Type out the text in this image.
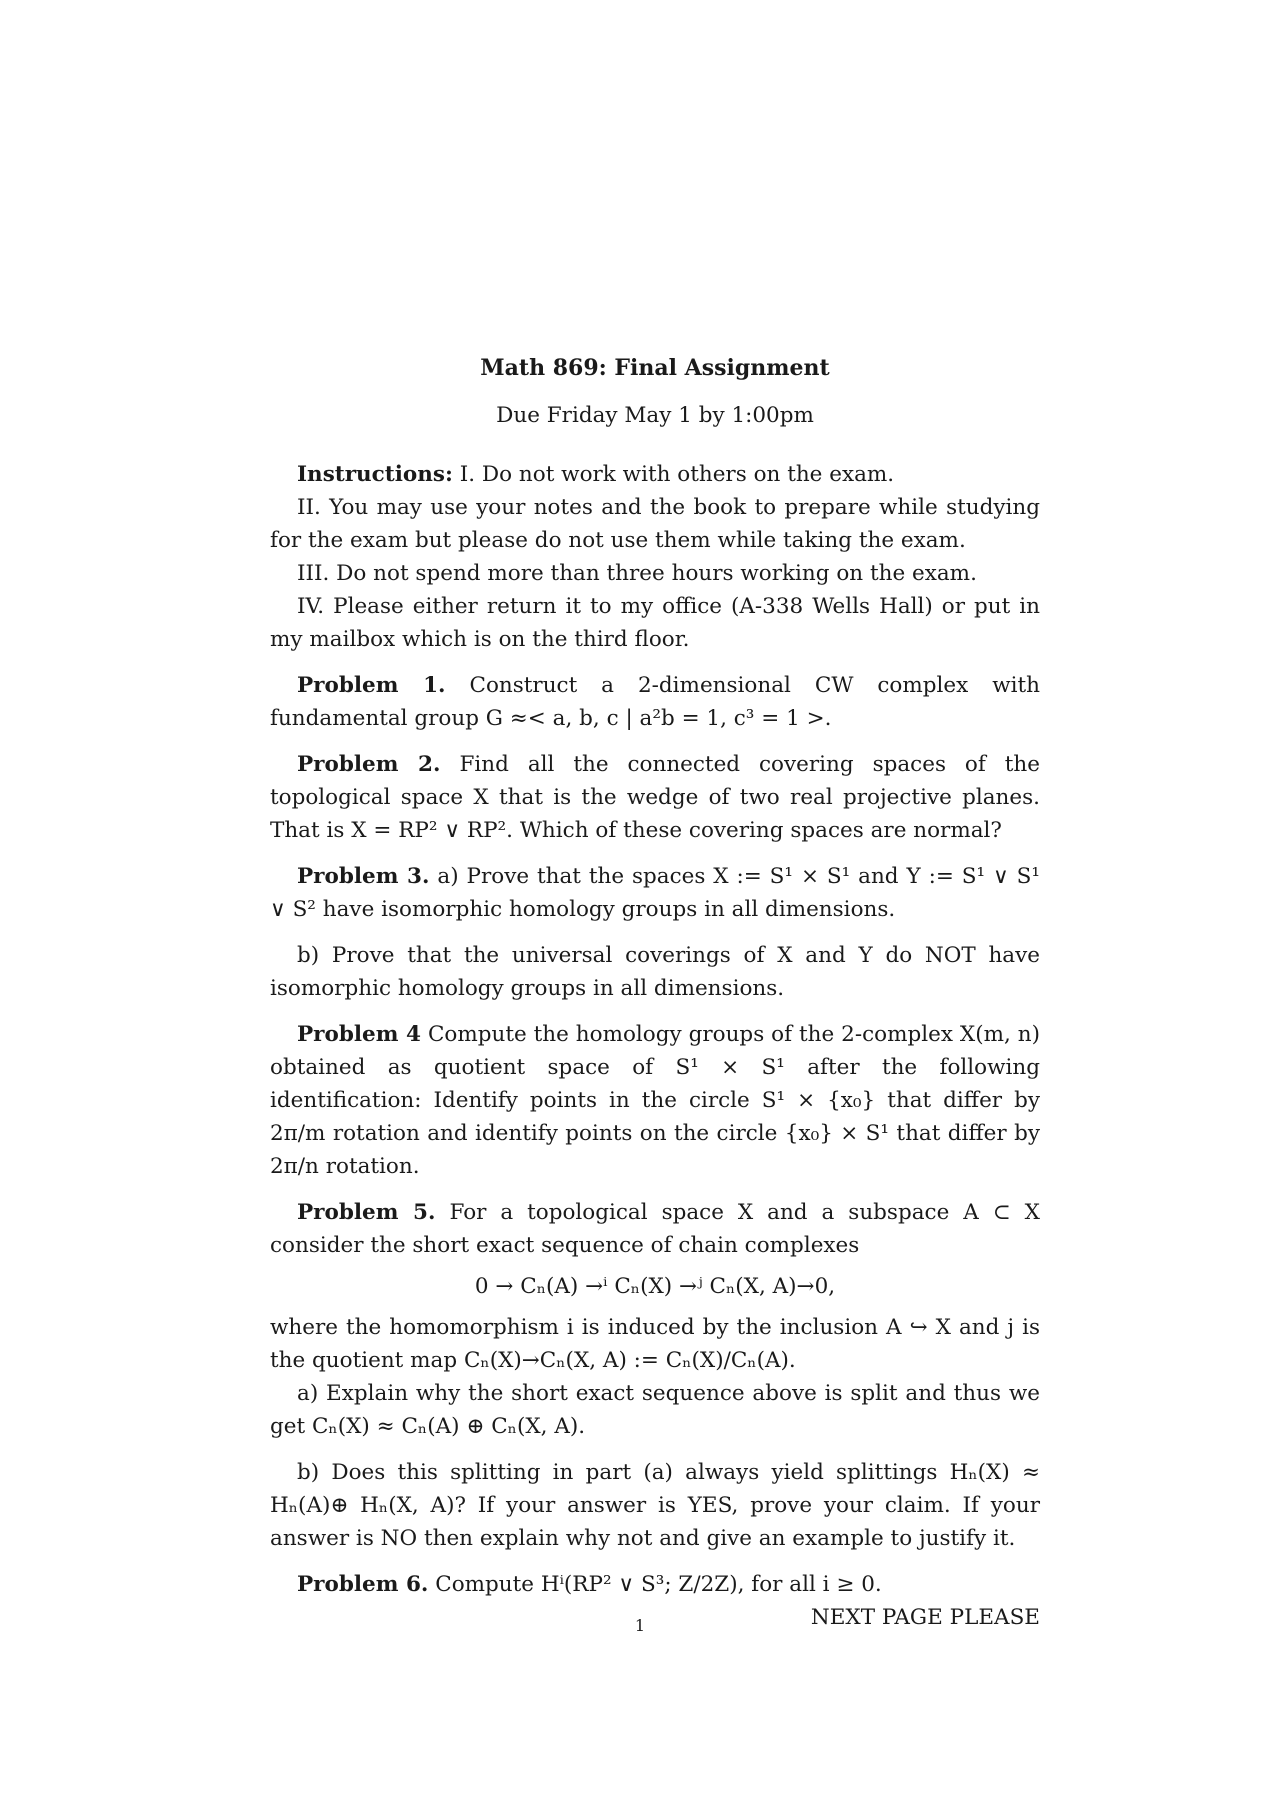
Math 869: Final Assignment
Due Friday May 1 by 1:00pm

Instructions: I. Do not work with others on the exam.

II. You may use your notes and the book to prepare while studying for the exam but please do not use them while taking the exam.

III. Do not spend more than three hours working on the exam.

IV. Please either return it to my office (A-338 Wells Hall) or put in my mailbox which is on the third floor.

Problem 1. Construct a 2-dimensional CW complex with fundamental group G ≈< a, b, c | a²b = 1, c³ = 1 >.

Problem 2. Find all the connected covering spaces of the topological space X that is the wedge of two real projective planes. That is X = RP² ∨ RP². Which of these covering spaces are normal?

Problem 3. a) Prove that the spaces X := S¹ × S¹ and Y := S¹ ∨ S¹ ∨ S² have isomorphic homology groups in all dimensions.

b) Prove that the universal coverings of X and Y do NOT have isomorphic homology groups in all dimensions.

Problem 4 Compute the homology groups of the 2-complex X(m, n) obtained as quotient space of S¹ × S¹ after the following identification: Identify points in the circle S¹ × {x₀} that differ by 2π/m rotation and identify points on the circle {x₀} × S¹ that differ by 2π/n rotation.

Problem 5. For a topological space X and a subspace A ⊂ X consider the short exact sequence of chain complexes

0 → Cₙ(A) →ⁱ Cₙ(X) →ʲ Cₙ(X, A)→0,

where the homomorphism i is induced by the inclusion A ↪ X and j is the quotient map Cₙ(X)→Cₙ(X, A) := Cₙ(X)/Cₙ(A).

a) Explain why the short exact sequence above is split and thus we get Cₙ(X) ≈ Cₙ(A) ⊕ Cₙ(X, A).

b) Does this splitting in part (a) always yield splittings Hₙ(X) ≈ Hₙ(A)⊕ Hₙ(X, A)? If your answer is YES, prove your claim. If your answer is NO then explain why not and give an example to justify it.

Problem 6. Compute Hⁱ(RP² ∨ S³; Z/2Z), for all i ≥ 0.

NEXT PAGE PLEASE
1
